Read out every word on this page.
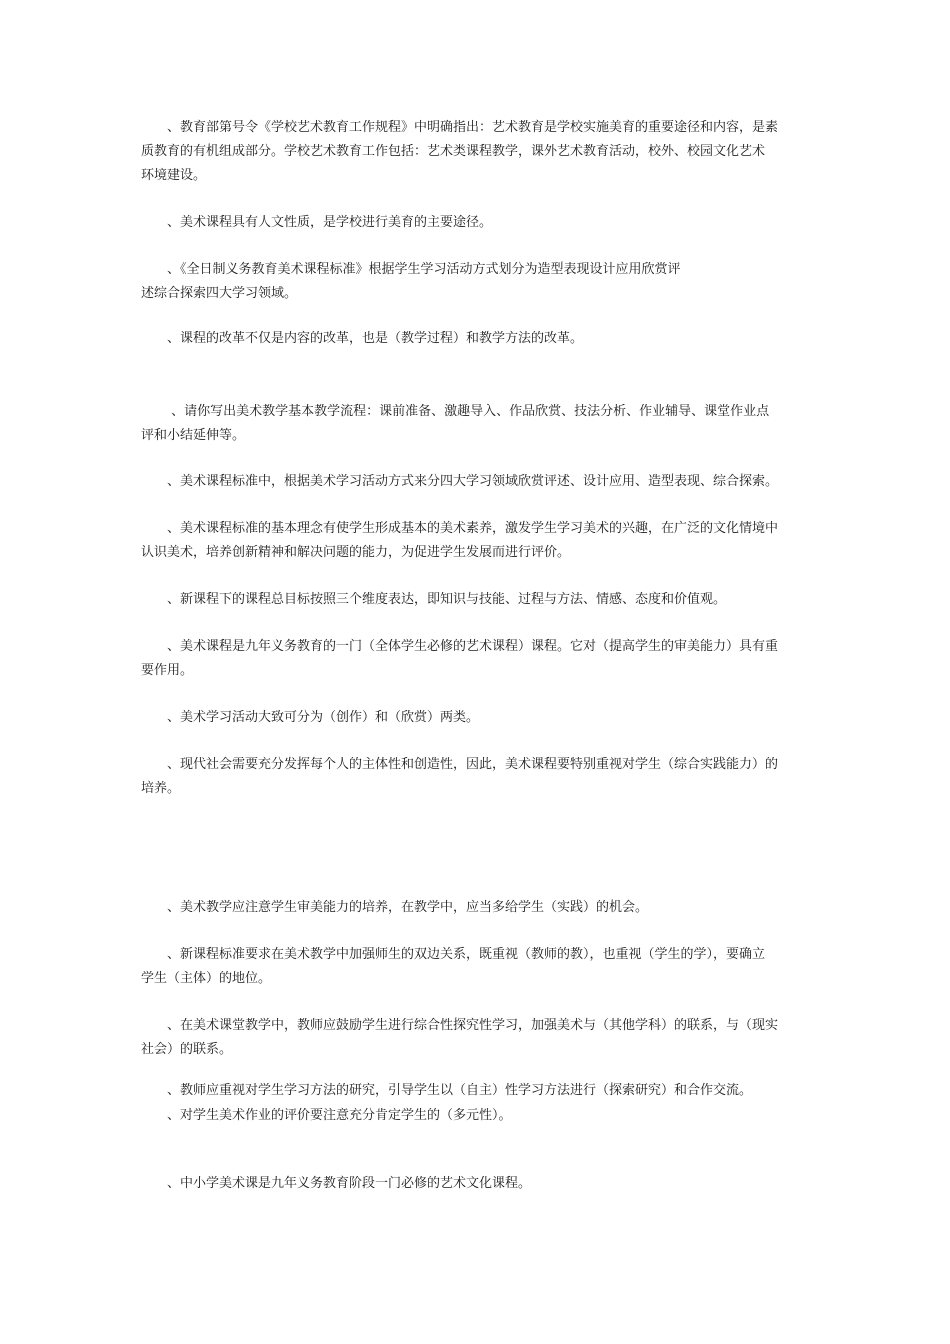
　　、教育部第号令《学校艺术教育工作规程》中明确指出：艺术教育是学校实施美育的重要途径和内容，是素
质教育的有机组成部分。学校艺术教育工作包括：艺术类课程教学，课外艺术教育活动，校外、校园文化艺术
环境建设。

　　、美术课程具有人文性质，是学校进行美育的主要途径。

　　、《全日制义务教育美术课程标准》根据学生学习活动方式划分为造型表现设计应用欣赏评
述综合探索四大学习领域。

　　、课程的改革不仅是内容的改革，也是（教学过程）和教学方法的改革。

　　 、请你写出美术教学基本教学流程：课前准备、激趣导入、作品欣赏、技法分析、作业辅导、课堂作业点
评和小结延伸等。

　　、美术课程标准中，根据美术学习活动方式来分四大学习领域欣赏评述、设计应用、造型表现、综合探索。

　　、美术课程标准的基本理念有使学生形成基本的美术素养，激发学生学习美术的兴趣，在广泛的文化情境中
认识美术，培养创新精神和解决问题的能力，为促进学生发展而进行评价。

　　、新课程下的课程总目标按照三个维度表达，即知识与技能、过程与方法、情感、态度和价值观。

　　、美术课程是九年义务教育的一门（全体学生必修的艺术课程）课程。它对（提高学生的审美能力）具有重
要作用。

　　、美术学习活动大致可分为（创作）和（欣赏）两类。

　　、现代社会需要充分发挥每个人的主体性和创造性，因此，美术课程要特别重视对学生（综合实践能力）的
培养。

　　、美术教学应注意学生审美能力的培养，在教学中，应当多给学生（实践）的机会。

　　、新课程标准要求在美术教学中加强师生的双边关系，既重视（教师的教），也重视（学生的学），要确立
学生（主体）的地位。

　　、在美术课堂教学中，教师应鼓励学生进行综合性探究性学习，加强美术与（其他学科）的联系，与（现实
社会）的联系。

　　、教师应重视对学生学习方法的研究，引导学生以（自主）性学习方法进行（探索研究）和合作交流。

　　、对学生美术作业的评价要注意充分肯定学生的（多元性）。

　　、中小学美术课是九年义务教育阶段一门必修的艺术文化课程。
